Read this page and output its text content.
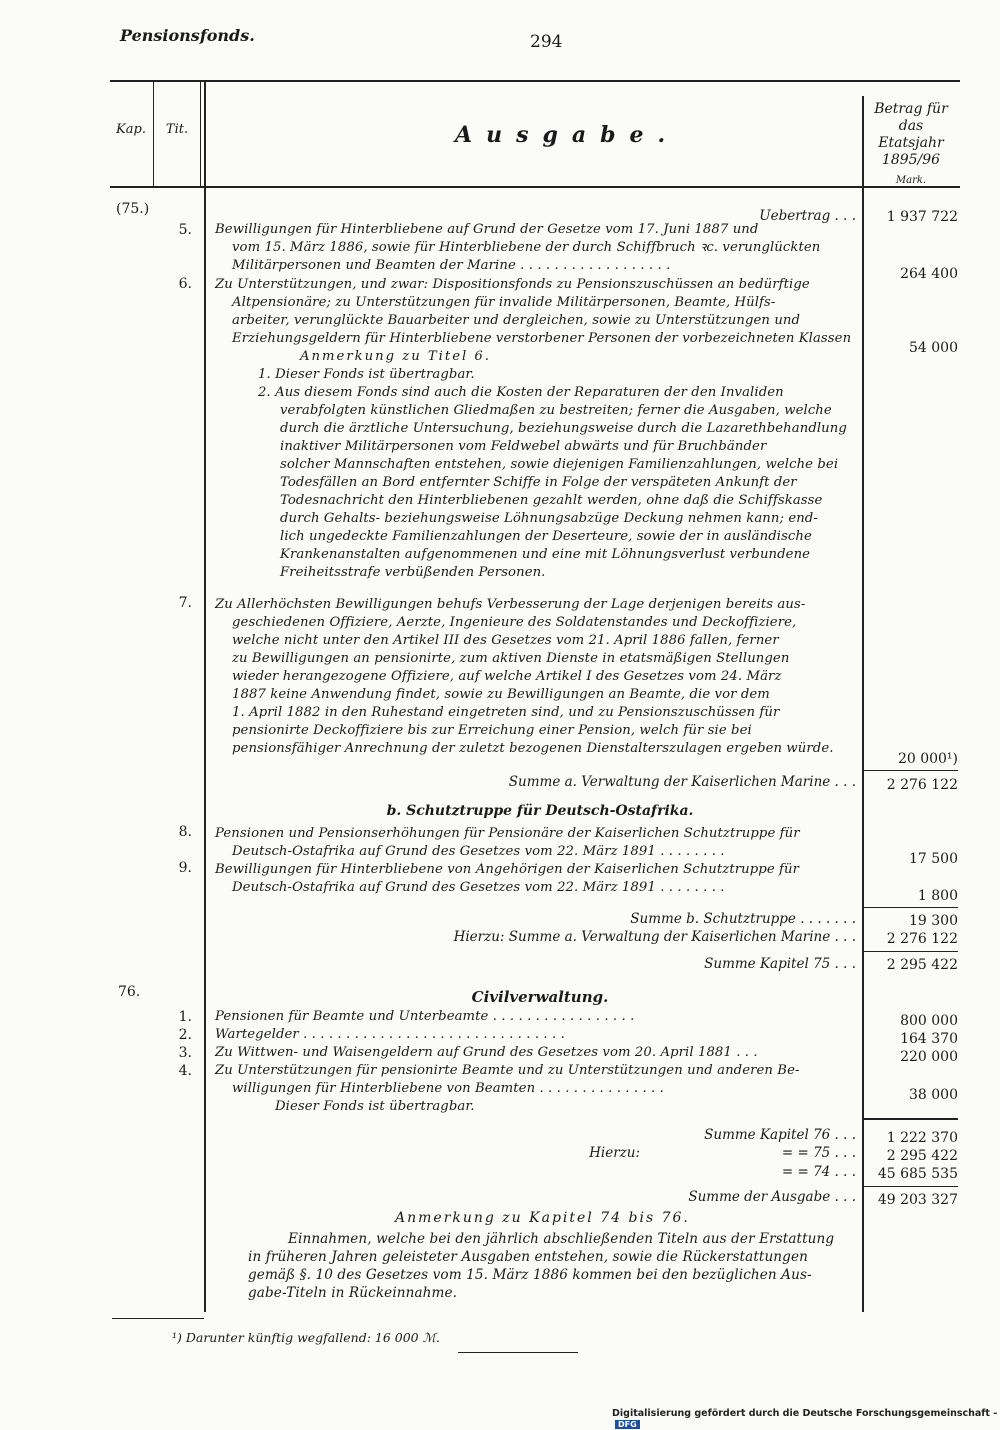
Pensionsfonds.	294
Kap.	Tit.	Ausgabe.
Betrag für
das Etatsjahr
1895/96
Mark.
(75.)	Uebertrag . . .	1 937 722
5. Bewilligungen für Hinterbliebene auf Grund der Gesetze vom 17. Juni 1887 und
vom 15. März 1886, sowie für Hinterbliebene der durch Schiffbruch ꝛc. verunglückten
Militärpersonen und Beamten der Marine . . . . . . . . . . . . . . . . . .
264 400
6. Zu Unterstützungen, und zwar: Dispositionsfonds zu Pensionszuschüssen an bedürftige
Altpensionäre; zu Unterstützungen für invalide Militärpersonen, Beamte, Hülfs-
arbeiter, verunglückte Bauarbeiter und dergleichen, sowie zu Unterstützungen und
Erziehungsgeldern für Hinterbliebene verstorbener Personen der vorbezeichneten Klassen
54 000
Anmerkung zu Titel 6.
1. Dieser Fonds ist übertragbar.
2. Aus diesem Fonds sind auch die Kosten der Reparaturen der den Invaliden
verabfolgten künstlichen Gliedmaßen zu bestreiten; ferner die Ausgaben, welche
durch die ärztliche Untersuchung, beziehungsweise durch die Lazarethbehandlung
inaktiver Militärpersonen vom Feldwebel abwärts und für Bruchbänder
solcher Mannschaften entstehen, sowie diejenigen Familienzahlungen, welche bei
Todesfällen an Bord entfernter Schiffe in Folge der verspäteten Ankunft der
Todesnachricht den Hinterbliebenen gezahlt werden, ohne daß die Schiffskasse
durch Gehalts- beziehungsweise Löhnungsabzüge Deckung nehmen kann; end-
lich ungedeckte Familienzahlungen der Deserteure, sowie der in ausländische
Krankenanstalten aufgenommenen und eine mit Löhnungsverlust verbundene
Freiheitsstrafe verbüßenden Personen.
7. Zu Allerhöchsten Bewilligungen behufs Verbesserung der Lage derjenigen bereits aus-
geschiedenen Offiziere, Aerzte, Ingenieure des Soldatenstandes und Deckoffiziere,
welche nicht unter den Artikel III des Gesetzes vom 21. April 1886 fallen, ferner
zu Bewilligungen an pensionirte, zum aktiven Dienste in etatsmäßigen Stellungen
wieder herangezogene Offiziere, auf welche Artikel I des Gesetzes vom 24. März
1887 keine Anwendung findet, sowie zu Bewilligungen an Beamte, die vor dem
1. April 1882 in den Ruhestand eingetreten sind, und zu Pensionszuschüssen für
pensionirte Deckoffiziere bis zur Erreichung einer Pension, welch für sie bei
pensionsfähiger Anrechnung der zuletzt bezogenen Dienstalterszulagen ergeben würde.
20 000¹)
Summe a. Verwaltung der Kaiserlichen Marine . . .	2 276 122
b. Schutztruppe für Deutsch-Ostafrika.
8. Pensionen und Pensionserhöhungen für Pensionäre der Kaiserlichen Schutztruppe für
Deutsch-Ostafrika auf Grund des Gesetzes vom 22. März 1891 . . . . . . . .	17 500
9. Bewilligungen für Hinterbliebene von Angehörigen der Kaiserlichen Schutztruppe für
Deutsch-Ostafrika auf Grund des Gesetzes vom 22. März 1891 . . . . . . . .
1 800
Summe b. Schutztruppe . . . . . . .	19 300
Hierzu: Summe a. Verwaltung der Kaiserlichen Marine . . .	2 276 122
Summe Kapitel 75 . . .	2 295 422
76.	Civilverwaltung.
1. Pensionen für Beamte und Unterbeamte . . . . . . . . . . . . . . . . .	800 000
2. Wartegelder . . . . . . . . . . . . . . . . . . . . . . . . . . . . . . .	164 370
3. Zu Wittwen- und Waisengeldern auf Grund des Gesetzes vom 20. April 1881 . . .	220 000
4. Zu Unterstützungen für pensionirte Beamte und zu Unterstützungen und anderen Be-
willigungen für Hinterbliebene von Beamten . . . . . . . . . . . . . . .
Dieser Fonds ist übertragbar.
38 000
Summe Kapitel 76 . . .	1 222 370
Hierzu:	= = 75 . . .	2 295 422
= = 74 . . .	45 685 535
Summe der Ausgabe . . .	49 203 327
Anmerkung zu Kapitel 74 bis 76.
Einnahmen, welche bei den jährlich abschließenden Titeln aus der Erstattung
in früheren Jahren geleisteter Ausgaben entstehen, sowie die Rückerstattungen
gemäß §. 10 des Gesetzes vom 15. März 1886 kommen bei den bezüglichen Aus-
gabe-Titeln in Rückeinnahme.
¹) Darunter künftig wegfallend: 16 000 ℳ.
Digitalisierung gefördert durch die Deutsche Forschungsgemeinschaft -DFG
